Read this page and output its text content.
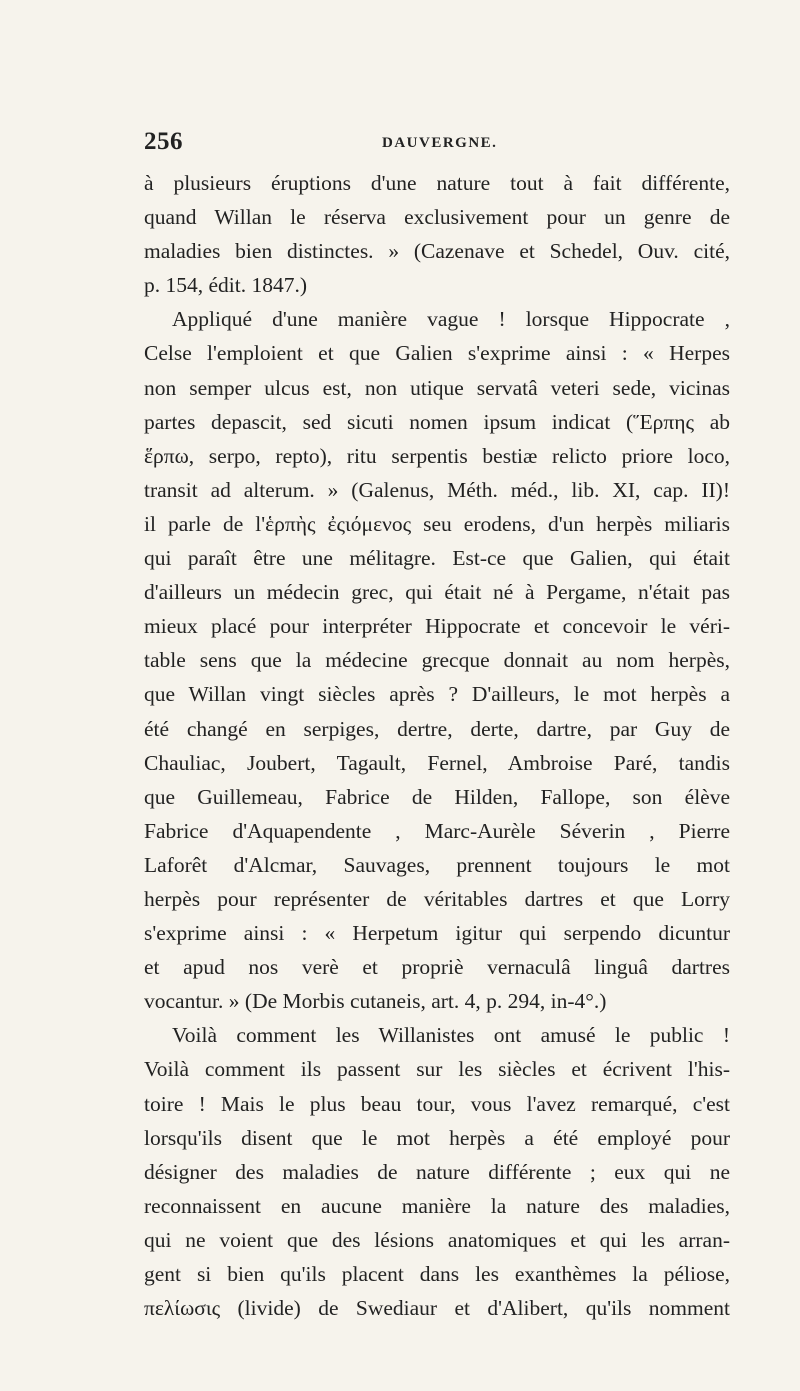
256	DAUVERGNE.
à plusieurs éruptions d'une nature tout à fait différente,
quand Willan le réserva exclusivement pour un genre de
maladies bien distinctes. » (Cazenave et Schedel, Ouv. cité,
p. 154, édit. 1847.)
Appliqué d'une manière vague ! lorsque Hippocrate ,
Celse l'emploient et que Galien s'exprime ainsi : « Herpes
non semper ulcus est, non utique servatâ veteri sede, vicinas
partes depascit, sed sicuti nomen ipsum indicat (Ἕρπης ab
ἕρπω, serpo, repto), ritu serpentis bestiæ relicto priore loco,
transit ad alterum. » (Galenus, Méth. méd., lib. XI, cap. II)!
il parle de l'ἑρπὴς ἐςιόμενος seu erodens, d'un herpès miliaris
qui paraît être une mélitagre. Est-ce que Galien, qui était
d'ailleurs un médecin grec, qui était né à Pergame, n'était pas
mieux placé pour interpréter Hippocrate et concevoir le véri-
table sens que la médecine grecque donnait au nom herpès,
que Willan vingt siècles après ? D'ailleurs, le mot herpès a
été changé en serpiges, dertre, derte, dartre, par Guy de
Chauliac, Joubert, Tagault, Fernel, Ambroise Paré, tandis
que Guillemeau, Fabrice de Hilden, Fallope, son élève
Fabrice d'Aquapendente , Marc-Aurèle Séverin , Pierre
Laforêt d'Alcmar, Sauvages, prennent toujours le mot
herpès pour représenter de véritables dartres et que Lorry
s'exprime ainsi : « Herpetum igitur qui serpendo dicuntur
et apud nos verè et propriè vernaculâ linguâ dartres
vocantur. » (De Morbis cutaneis, art. 4, p. 294, in-4°.)
Voilà comment les Willanistes ont amusé le public !
Voilà comment ils passent sur les siècles et écrivent l'his-
toire ! Mais le plus beau tour, vous l'avez remarqué, c'est
lorsqu'ils disent que le mot herpès a été employé pour
désigner des maladies de nature différente ; eux qui ne
reconnaissent en aucune manière la nature des maladies,
qui ne voient que des lésions anatomiques et qui les arran-
gent si bien qu'ils placent dans les exanthèmes la péliose,
πελίωσις (livide) de Swediaur et d'Alibert, qu'ils nomment
